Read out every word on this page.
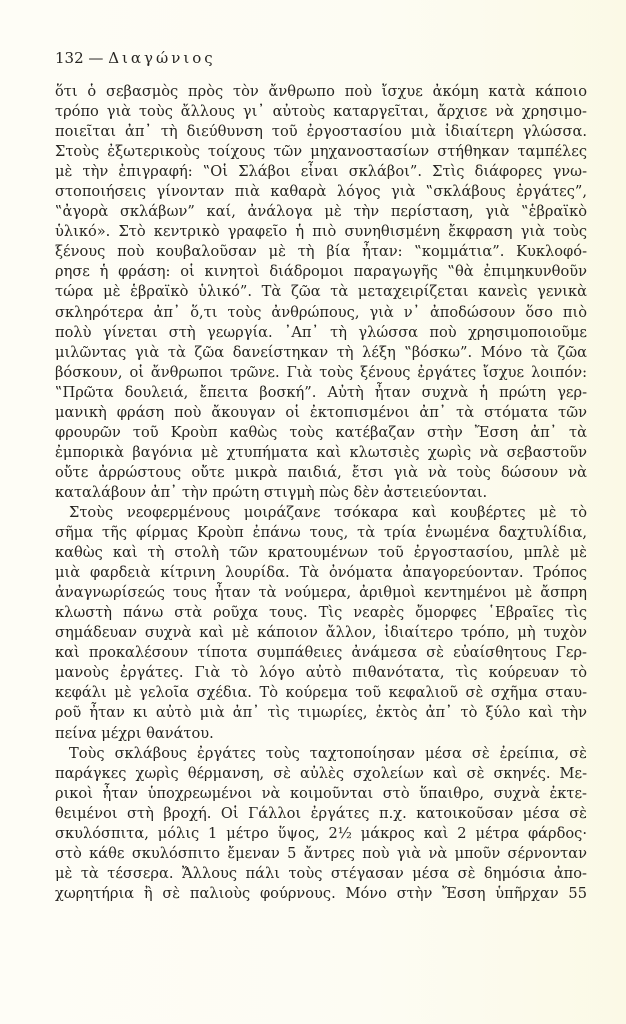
132 — Διαγώνιος
ὅτι ὁ σεβασμὸς πρὸς τὸν ἄνθρωπο ποὺ ἴσχυε ἀκόμη κατὰ κάποιο
τρόπο γιὰ τοὺς ἄλλους γι᾽ αὐτοὺς καταργεῖται, ἄρχισε νὰ χρησιμο-
ποιεῖται ἀπ᾽ τὴ διεύθυνση τοῦ ἐργοστασίου μιὰ ἰδιαίτερη γλώσσα.
Στοὺς ἐξωτερικοὺς τοίχους τῶν μηχανοστασίων στήθηκαν ταμπέλες
μὲ τὴν ἐπιγραφή: ‟Οἱ Σλάβοι εἶναι σκλάβοι”. Στὶς διάφορες γνω-
στοποιήσεις γίνονταν πιὰ καθαρὰ λόγος γιὰ ‟σκλάβους ἐργάτες”,
‟ἀγορὰ σκλάβων” καί, ἀνάλογα μὲ τὴν περίσταση, γιὰ ‟ἑβραϊκὸ
ὑλικό». Στὸ κεντρικὸ γραφεῖο ἡ πιὸ συνηθισμένη ἔκφραση γιὰ τοὺς
ξένους ποὺ κουβαλοῦσαν μὲ τὴ βία ἦταν: ‟κομμάτια”. Κυκλοφό-
ρησε ἡ φράση: οἱ κινητοὶ διάδρομοι παραγωγῆς ‟θὰ ἐπιμηκυνθοῦν
τώρα μὲ ἑβραϊκὸ ὑλικό”. Τὰ ζῶα τὰ μεταχειρίζεται κανεὶς γενικὰ
σκληρότερα ἀπ᾽ ὅ,τι τοὺς ἀνθρώπους, γιὰ ν᾽ ἀποδώσουν ὅσο πιὸ
πολὺ γίνεται στὴ γεωργία. ᾽Απ᾽ τὴ γλώσσα ποὺ χρησιμοποιοῦμε
μιλῶντας γιὰ τὰ ζῶα δανείστηκαν τὴ λέξη ‟βόσκω”. Μόνο τὰ ζῶα
βόσκουν, οἱ ἄνθρωποι τρῶνε. Γιὰ τοὺς ξένους ἐργάτες ἴσχυε λοιπόν:
‟Πρῶτα δουλειά, ἔπειτα βοσκή”. Αὐτὴ ἦταν συχνὰ ἡ πρώτη γερ-
μανικὴ φράση ποὺ ἄκουγαν οἱ ἐκτοπισμένοι ἀπ᾽ τὰ στόματα τῶν
φρουρῶν τοῦ Κροὺπ καθὼς τοὺς κατέβαζαν στὴν Ἔσση ἀπ᾽ τὰ
ἐμπορικὰ βαγόνια μὲ χτυπήματα καὶ κλωτσιὲς χωρὶς νὰ σεβαστοῦν
οὔτε ἀρρώστους οὔτε μικρὰ παιδιά, ἔτσι γιὰ νὰ τοὺς δώσουν νὰ
καταλάβουν ἀπ᾽ τὴν πρώτη στιγμὴ πὼς δὲν ἀστειεύονται.
Στοὺς νεοφερμένους μοιράζανε τσόκαρα καὶ κουβέρτες μὲ τὸ
σῆμα τῆς φίρμας Κροὺπ ἐπάνω τους, τὰ τρία ἑνωμένα δαχτυλίδια,
καθὼς καὶ τὴ στολὴ τῶν κρατουμένων τοῦ ἐργοστασίου, μπλὲ μὲ
μιὰ φαρδειὰ κίτρινη λουρίδα. Τὰ ὀνόματα ἀπαγορεύονταν. Τρόπος
ἀναγνωρίσεώς τους ἦταν τὰ νούμερα, ἀριθμοὶ κεντημένοι μὲ ἄσπρη
κλωστὴ πάνω στὰ ροῦχα τους. Τὶς νεαρὲς ὄμορφες ῾Εβραῖες τὶς
σημάδευαν συχνὰ καὶ μὲ κάποιον ἄλλον, ἰδιαίτερο τρόπο, μὴ τυχὸν
καὶ προκαλέσουν τίποτα συμπάθειες ἀνάμεσα σὲ εὐαίσθητους Γερ-
μανοὺς ἐργάτες. Γιὰ τὸ λόγο αὐτὸ πιθανότατα, τὶς κούρευαν τὸ
κεφάλι μὲ γελοῖα σχέδια. Τὸ κούρεμα τοῦ κεφαλιοῦ σὲ σχῆμα σταυ-
ροῦ ἦταν κι αὐτὸ μιὰ ἀπ᾽ τὶς τιμωρίες, ἐκτὸς ἀπ᾽ τὸ ξύλο καὶ τὴν
πείνα μέχρι θανάτου.
Τοὺς σκλάβους ἐργάτες τοὺς ταχτοποίησαν μέσα σὲ ἐρείπια, σὲ
παράγκες χωρὶς θέρμανση, σὲ αὐλὲς σχολείων καὶ σὲ σκηνές. Με-
ρικοὶ ἦταν ὑποχρεωμένοι νὰ κοιμοῦνται στὸ ὕπαιθρο, συχνὰ ἐκτε-
θειμένοι στὴ βροχή. Οἱ Γάλλοι ἐργάτες π.χ. κατοικοῦσαν μέσα σὲ
σκυλόσπιτα, μόλις 1 μέτρο ὕψος, 2½ μάκρος καὶ 2 μέτρα φάρδος·
στὸ κάθε σκυλόσπιτο ἔμεναν 5 ἄντρες ποὺ γιὰ νὰ μποῦν σέρνονταν
μὲ τὰ τέσσερα. Ἄλλους πάλι τοὺς στέγασαν μέσα σὲ δημόσια ἀπο-
χωρητήρια ἢ σὲ παλιοὺς φούρνους. Μόνο στὴν Ἔσση ὑπῆρχαν 55
